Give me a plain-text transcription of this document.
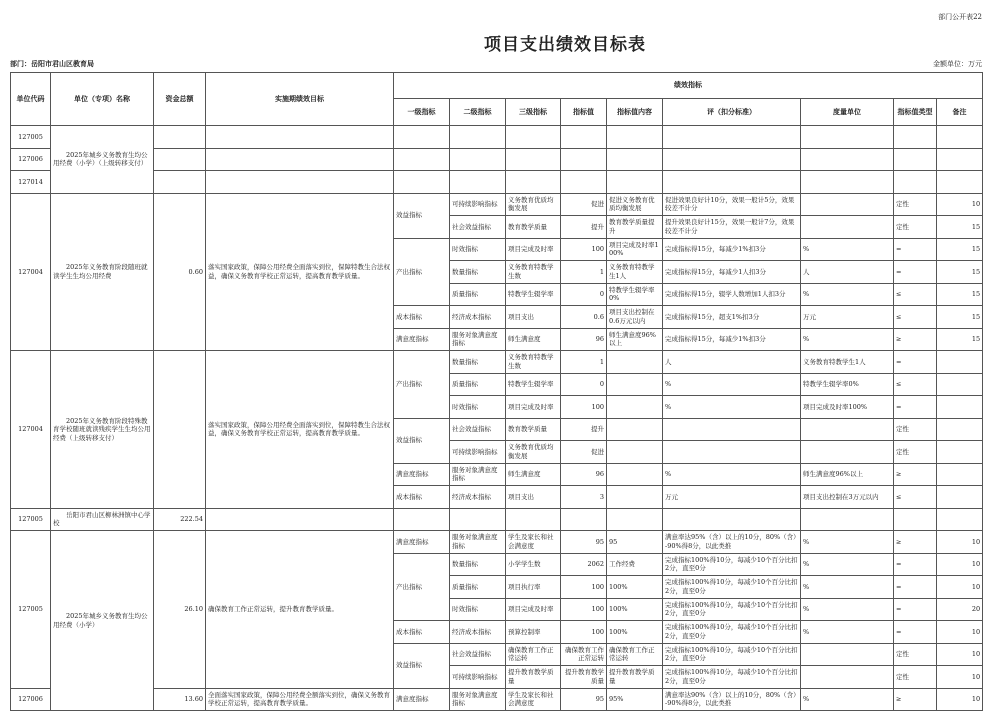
部门公开表22
项目支出绩效目标表
部门：岳阳市君山区教育局	金额单位：万元
单位代码	单位（专项）名称	资金总额	实施期绩效目标	绩效指标								
				一级指标	二级指标	三级指标	指标值	指标值内容	评（扣分标准）	度量单位	指标值类型	备注
127005	2025年城乡义务教育生均公用经费（小学）（上级转移支付）											
127006												
127014												
127004	2025年义务教育阶段随班就读学生生均公用经费	0.60	落实国家政策，保障公用经费全面落实到位，保障特教生合法权益，确保义务教育学校正常运转，提高教育教学质量。	效益指标	可持续影响指标	义务教育优质均衡发展	促进	促进义务教育优质均衡发展	促进效果良好计10分，效果一般计5分，效果较差不计分		定性	10
					社会效益指标	教育教学质量	提升	教育教学质量提升	提升效果良好计15分，效果一般计7分，效果较差不计分		定性	15
				产出指标	时效指标	项目完成及时率	100	项目完成及时率100%	完成指标得15分，每减少1%扣3分	%	=	15
					数量指标	义务教育特教学生数	1	义务教育特教学生1人	完成指标得15分，每减少1人扣3分	人	=	15
					质量指标	特教学生辍学率	0	特教学生辍学率0%	完成指标得15分，辍学人数增加1人扣3分	%	≤	15
				成本指标	经济成本指标	项目支出	0.6	项目支出控制在0.6万元以内	完成指标得15分，超支1%扣3分	万元	≤	15
				满意度指标	服务对象满意度指标	师生满意度	96	师生满意度96%以上	完成指标得15分，每减少1%扣3分	%	≥	15
127004	2025年义务教育阶段特殊教育学校随班就读残疾学生生均公用经费（上级转移支付）		落实国家政策，保障公用经费全面落实到位，保障特教生合法权益，确保义务教育学校正常运转，提高教育教学质量。	产出指标	数量指标	义务教育特教学生数	1		人	义务教育特教学生1人	=	
					质量指标	特教学生辍学率	0		%	特教学生辍学率0%	≤	
					时效指标	项目完成及时率	100		%	项目完成及时率100%	=	
				效益指标	社会效益指标	教育教学质量	提升				定性	
					可持续影响指标	义务教育优质均衡发展	促进				定性	
				满意度指标	服务对象满意度指标	师生满意度	96		%	师生满意度96%以上	≥	
				成本指标	经济成本指标	项目支出	3		万元	项目支出控制在3万元以内	≤	
127005	岳阳市君山区柳林洲镇中心学校	222.54										
127005	2025年城乡义务教育生均公用经费（小学）	26.10	确保教育工作正常运转，提升教育教学质量。	满意度指标	服务对象满意度指标	学生及家长和社会满意度	95	95	满意率达95%（含）以上的10分，80%（含）-90%得8分，以此类推	%	≥	10
				产出指标	数量指标	小学学生数	2062	工作经费	完成指标100%得10分，每减少10个百分比扣2分，直至0分	%	=	10
					质量指标	项目执行率	100	100%	完成指标100%得10分，每减少10个百分比扣2分，直至0分	%	=	10
					时效指标	项目完成及时率	100	100%	完成指标100%得10分，每减少10个百分比扣2分，直至0分	%	=	20
				成本指标	经济成本指标	预算控制率	100	100%	完成指标100%得10分，每减少10个百分比扣2分，直至0分	%	=	10
				效益指标	社会效益指标	确保教育工作正常运转	确保教育工作正常运转	确保教育工作正常运转	完成指标100%得10分，每减少10个百分比扣2分，直至0分		定性	10
					可持续影响指标	提升教育教学质量	提升教育教学质量	提升教育教学质量	完成指标100%得10分，每减少10个百分比扣2分，直至0分		定性	10
127006		13.60	全面落实国家政策，保障公用经费全额落实到位，确保义务教育学校正常运转，提高教育教学质量。	满意度指标	服务对象满意度指标	学生及家长和社会满意度	95	95%	满意率达90%（含）以上的10分，80%（含）-90%得8分，以此类推	%	≥	10
